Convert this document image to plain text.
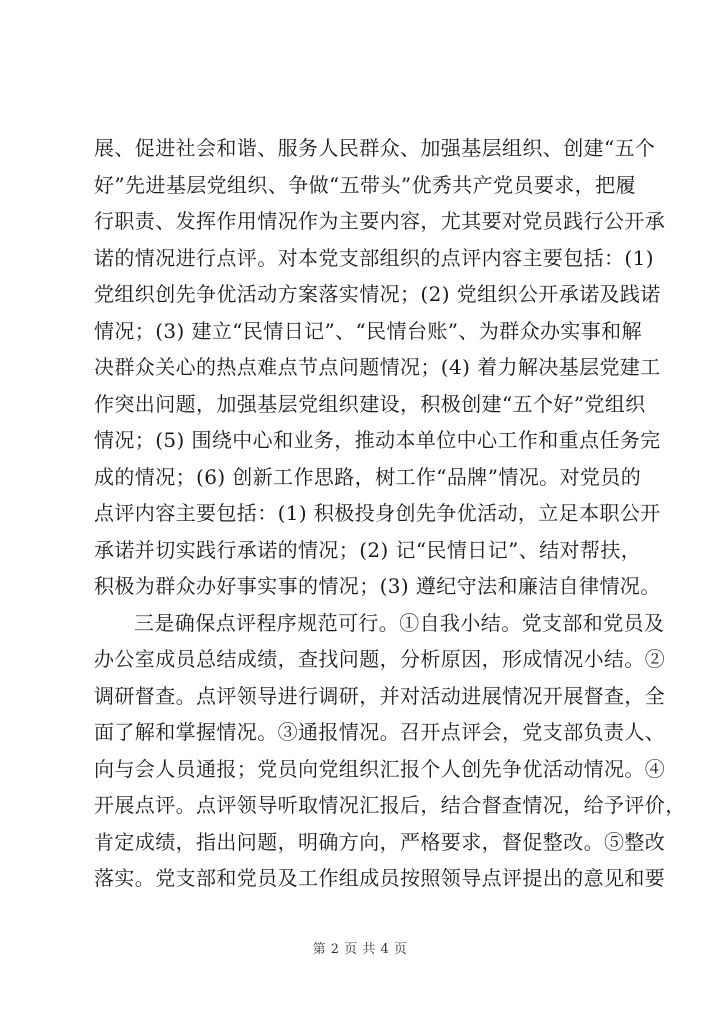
展、促进社会和谐、服务人民群众、加强基层组织、创建“五个
好”先进基层党组织、争做“五带头”优秀共产党员要求，把履
行职责、发挥作用情况作为主要内容，尤其要对党员践行公开承
诺的情况进行点评。对本党支部组织的点评内容主要包括：(1)
党组织创先争优活动方案落实情况；(2) 党组织公开承诺及践诺
情况；(3) 建立“民情日记”、“民情台账”、为群众办实事和解
决群众关心的热点难点节点问题情况；(4) 着力解决基层党建工
作突出问题，加强基层党组织建设，积极创建“五个好”党组织
情况；(5) 围绕中心和业务，推动本单位中心工作和重点任务完
成的情况；(6) 创新工作思路，树工作“品牌”情况。对党员的
点评内容主要包括：(1) 积极投身创先争优活动，立足本职公开
承诺并切实践行承诺的情况；(2) 记“民情日记”、结对帮扶，
积极为群众办好事实事的情况；(3) 遵纪守法和廉洁自律情况。
三是确保点评程序规范可行。①自我小结。党支部和党员及
办公室成员总结成绩，查找问题，分析原因，形成情况小结。②
调研督查。点评领导进行调研，并对活动进展情况开展督查，全
面了解和掌握情况。③通报情况。召开点评会，党支部负责人、
向与会人员通报；党员向党组织汇报个人创先争优活动情况。④
开展点评。点评领导听取情况汇报后，结合督查情况，给予评价，
肯定成绩，指出问题，明确方向，严格要求，督促整改。⑤整改
落实。党支部和党员及工作组成员按照领导点评提出的意见和要
第 2 页 共 4 页
